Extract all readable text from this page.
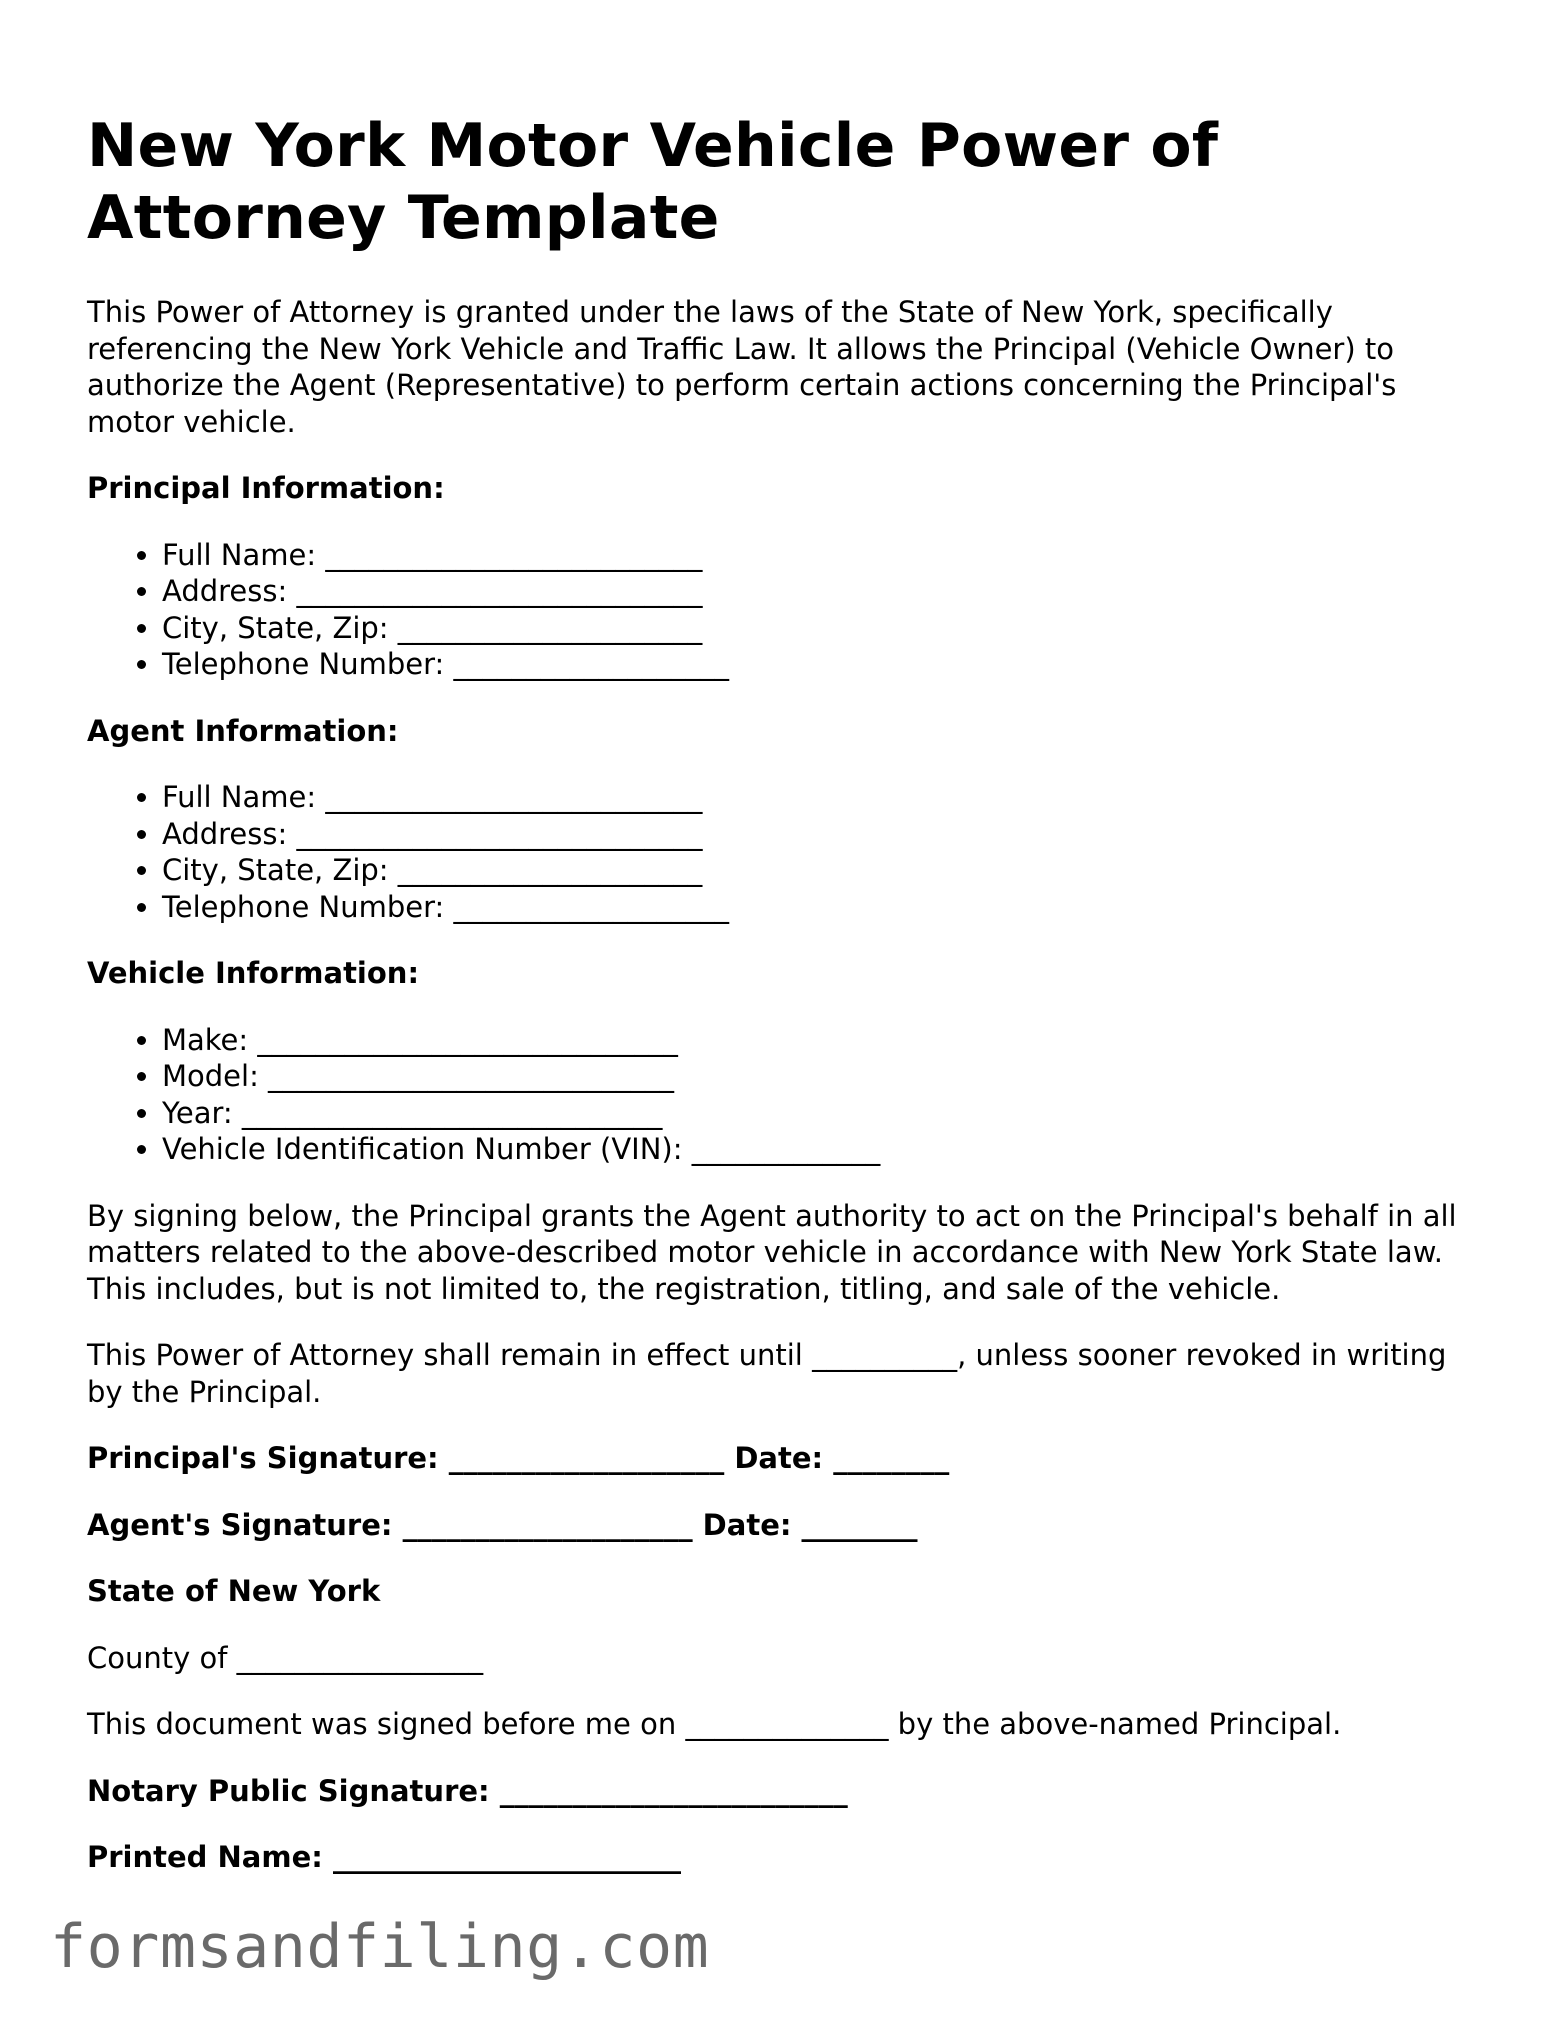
New York Motor Vehicle Power of Attorney Template

This Power of Attorney is granted under the laws of the State of New York, specifically referencing the New York Vehicle and Traffic Law. It allows the Principal (Vehicle Owner) to authorize the Agent (Representative) to perform certain actions concerning the Principal's motor vehicle.

Principal Information:
• Full Name: __________________________
• Address: ____________________________
• City, State, Zip: _____________________
• Telephone Number: ___________________
Agent Information:
• Full Name: __________________________
• Address: ____________________________
• City, State, Zip: _____________________
• Telephone Number: ___________________
Vehicle Information:
• Make: _____________________________
• Model: ____________________________
• Year: _____________________________
• Vehicle Identification Number (VIN): _____________

By signing below, the Principal grants the Agent authority to act on the Principal's behalf in all matters related to the above-described motor vehicle in accordance with New York State law. This includes, but is not limited to, the registration, titling, and sale of the vehicle.

This Power of Attorney shall remain in effect until __________, unless sooner revoked in writing by the Principal.

Principal's Signature: ___________________ Date: ________

Agent's Signature: ____________________ Date: ________

State of New York

County of _________________

This document was signed before me on ______________ by the above-named Principal.

Notary Public Signature: ________________________

Printed Name: ________________________

formsandfiling.com
